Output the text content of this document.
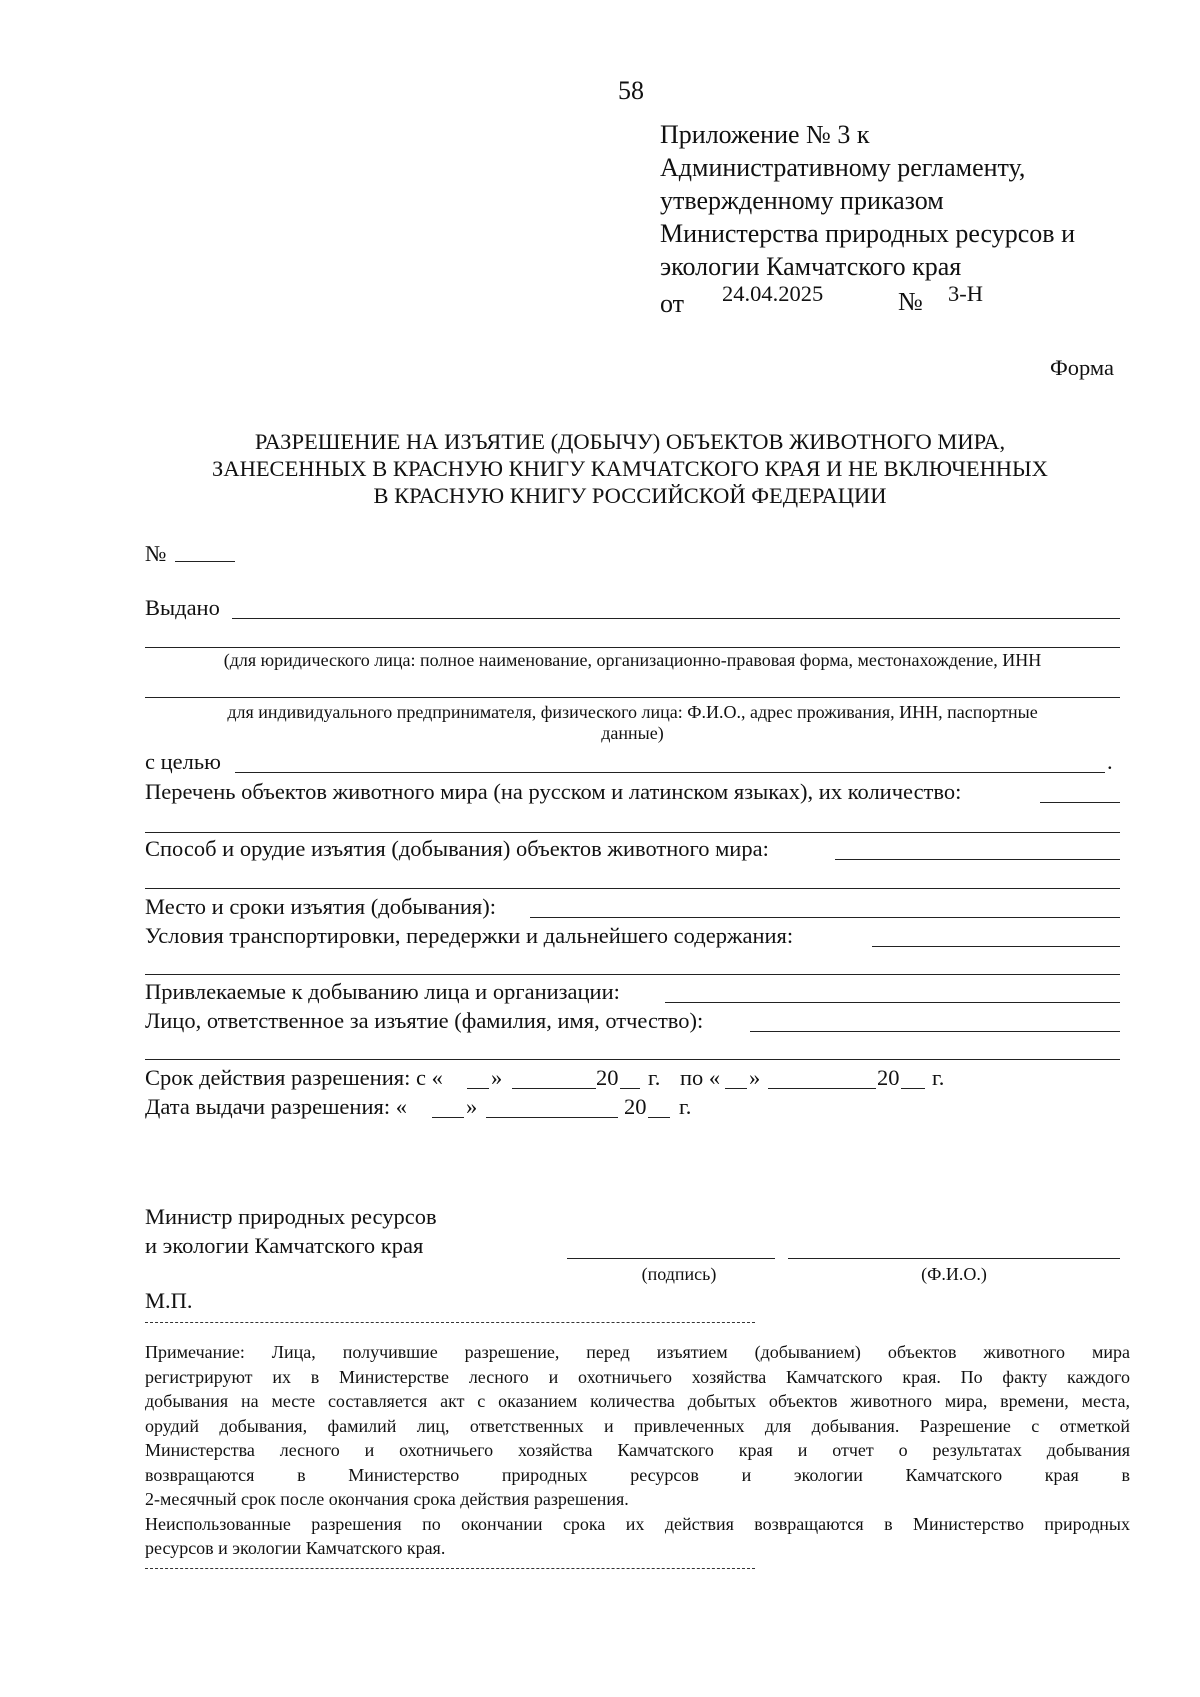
58
Приложение № 3 к
Административному регламенту,
утвержденному приказом
Министерства природных ресурсов и
экологии Камчатского края
от 24.04.2025	№ 3-Н
Форма
РАЗРЕШЕНИЕ НА ИЗЪЯТИЕ (ДОБЫЧУ) ОБЪЕКТОВ ЖИВОТНОГО МИРА,
ЗАНЕСЕННЫХ В КРАСНУЮ КНИГУ КАМЧАТСКОГО КРАЯ И НЕ ВКЛЮЧЕННЫХ
В КРАСНУЮ КНИГУ РОССИЙСКОЙ ФЕДЕРАЦИИ
№
Выдано
(для юридического лица: полное наименование, организационно-правовая форма, местонахождение, ИНН
для индивидуального предпринимателя, физического лица: Ф.И.О., адрес проживания, ИНН, паспортные
данные)
с целью	.
Перечень объектов животного мира (на русском и латинском языках), их количество:
Способ и орудие изъятия (добывания) объектов животного мира:
Место и сроки изъятия (добывания):
Условия транспортировки, передержки и дальнейшего содержания:
Привлекаемые к добыванию лица и организации:
Лицо, ответственное за изъятие (фамилия, имя, отчество):
Срок действия разрешения: с « »	20 г. по « »	20 г.
Дата выдачи разрешения: «	»	20 г.
Министр природных ресурсов
и экологии Камчатского края
(подпись)	(Ф.И.О.)
М.П.
Примечание: Лица, получившие разрешение, перед изъятием (добыванием) объектов животного мира
регистрируют их в Министерстве лесного и охотничьего хозяйства Камчатского края. По факту каждого
добывания на месте составляется акт с оказанием количества добытых объектов животного мира, времени, места,
орудий добывания, фамилий лиц, ответственных и привлеченных для добывания. Разрешение с отметкой
Министерства лесного и охотничьего хозяйства Камчатского края и отчет о результатах добывания
возвращаются в Министерство природных ресурсов и экологии Камчатского края в
2-месячный срок после окончания срока действия разрешения.
Неиспользованные разрешения по окончании срока их действия возвращаются в Министерство природных
ресурсов и экологии Камчатского края.
